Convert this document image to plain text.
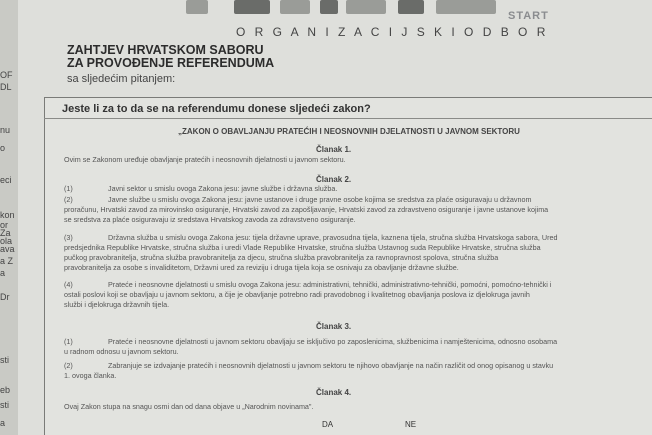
OF
DL
nu
o
eci
kon
or
Za
ola
ava
a Z
a
Dr
sti
eb
sti
a
START
O R G A N I Z A C I J S K I O D B O R
ZAHTJEV HRVATSKOM SABORU
ZA PROVOĐENJE REFERENDUMA
sa sljedećim pitanjem:
Jeste li za to da se na referendumu donese sljedeći zakon?
„ZAKON O OBAVLJANJU PRATEĆIH I NEOSNOVNIH DJELATNOSTI U JAVNOM SEKTORU
Članak 1.
Ovim se Zakonom uređuje obavljanje pratećih i neosnovnih djelatnosti u javnom sektoru.
Članak 2.
(1)	Javni sektor u smislu ovoga Zakona jesu: javne službe i državna služba.
(2)	Javne službe u smislu ovoga Zakona jesu: javne ustanove i druge pravne osobe kojima se sredstva za plaće osiguravaju u državnom
proračunu, Hrvatski zavod za mirovinsko osiguranje, Hrvatski zavod za zapošljavanje, Hrvatski zavod za zdravstveno osiguranje i javne ustanove kojima
se sredstva za plaće osiguravaju iz sredstava Hrvatskog zavoda za zdravstveno osiguranje.
(3)	Državna služba u smislu ovoga Zakona jesu: tijela državne uprave, pravosudna tijela, kaznena tijela, stručna služba Hrvatskoga sabora, Ured
predsjednika Republike Hrvatske, stručna služba i uredi Vlade Republike Hrvatske, stručna služba Ustavnog suda Republike Hrvatske, stručna služba
pučkog pravobranitelja, stručna služba pravobranitelja za djecu, stručna služba pravobranitelja za ravnopravnost spolova, stručna služba
pravobranitelja za osobe s invaliditetom, Državni ured za reviziju i druga tijela koja se osnivaju za obavljanje državne službe.
(4)	Prateće i neosnovne djelatnosti u smislu ovoga Zakona jesu: administrativni, tehnički, administrativno-tehnički, pomoćni, pomoćno-tehnički i
ostali poslovi koji se obavljaju u javnom sektoru, a čije je obavljanje potrebno radi pravodobnog i kvalitetnog obavljanja poslova iz djelokruga javnih
službi i djelokruga državnih tijela.
Članak 3.
(1)	Prateće i neosnovne djelatnosti u javnom sektoru obavljaju se isključivo po zaposlenicima, službenicima i namještenicima, odnosno osobama
u radnom odnosu u javnom sektoru.
(2)	Zabranjuje se izdvajanje pratećih i neosnovnih djelatnosti u javnom sektoru te njihovo obavljanje na način različit od onog opisanog u stavku
1. ovoga članka.
Članak 4.
Ovaj Zakon stupa na snagu osmi dan od dana objave u „Narodnim novinama".
DA	NE
